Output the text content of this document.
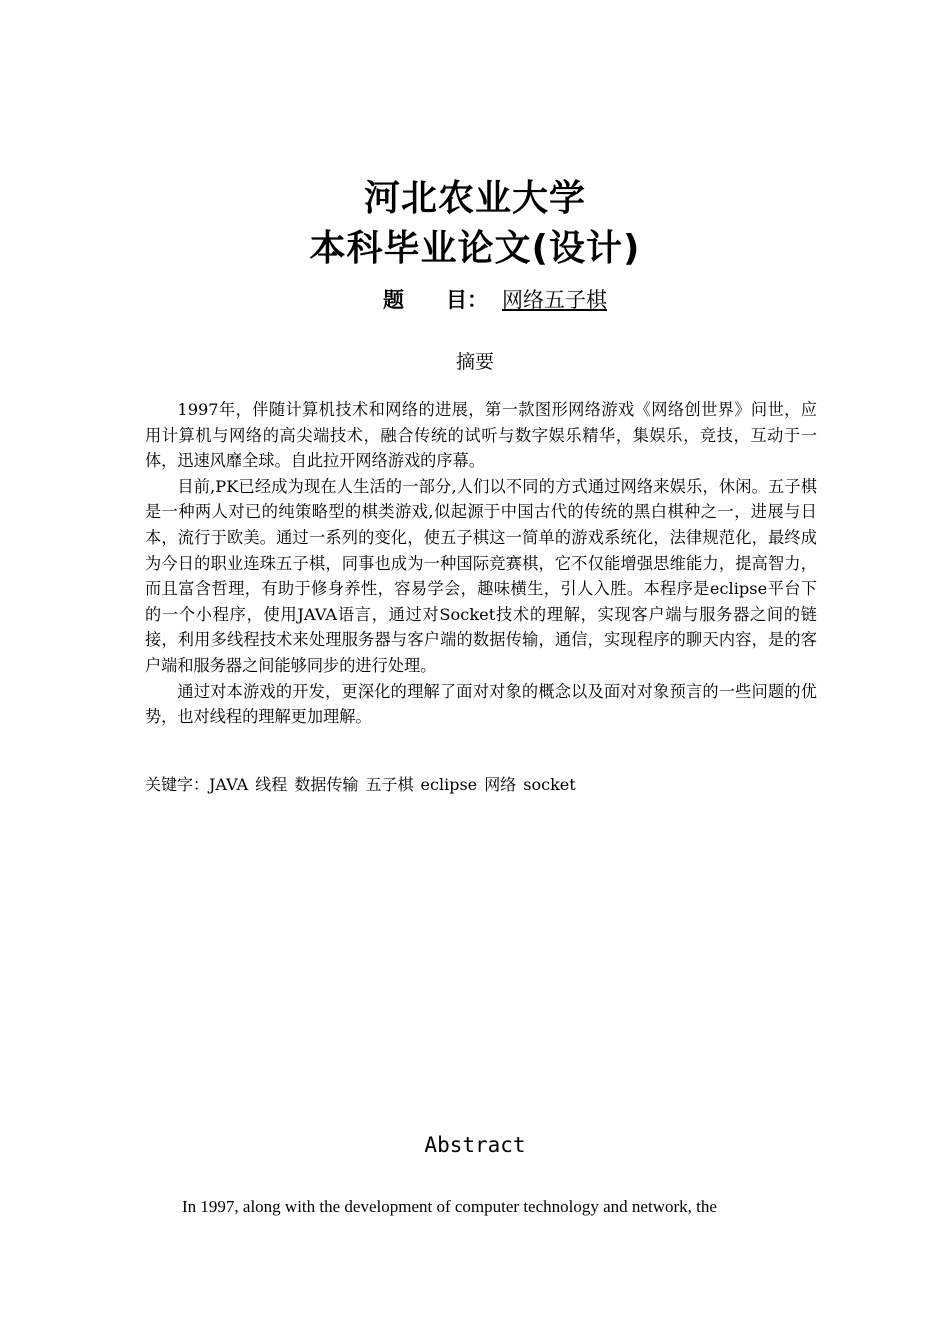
河北农业大学
本科毕业论文(设计)
题　　目： 网络五子棋
摘要

1997年，伴随计算机技术和网络的进展，第一款图形网络游戏《网络创世界》问世，应用计算机与网络的高尖端技术，融合传统的试听与数字娱乐精华，集娱乐，竞技，互动于一体，迅速风靡全球。自此拉开网络游戏的序幕。

目前,PK已经成为现在人生活的一部分,人们以不同的方式通过网络来娱乐，休闲。五子棋是一种两人对已的纯策略型的棋类游戏,似起源于中国古代的传统的黑白棋种之一，进展与日本，流行于欧美。通过一系列的变化，使五子棋这一简单的游戏系统化，法律规范化，最终成为今日的职业连珠五子棋，同事也成为一种国际竞赛棋，它不仅能增强思维能力，提高智力，而且富含哲理，有助于修身养性，容易学会，趣味横生，引人入胜。本程序是eclipse平台下的一个小程序，使用JAVA语言，通过对Socket技术的理解，实现客户端与服务器之间的链接，利用多线程技术来处理服务器与客户端的数据传输，通信，实现程序的聊天内容，是的客户端和服务器之间能够同步的进行处理。

通过对本游戏的开发，更深化的理解了面对对象的概念以及面对对象预言的一些问题的优势，也对线程的理解更加理解。

关键字：JAVA 线程 数据传输 五子棋 eclipse 网络 socket
Abstract
In 1997, along with the development of computer technology and network, the
